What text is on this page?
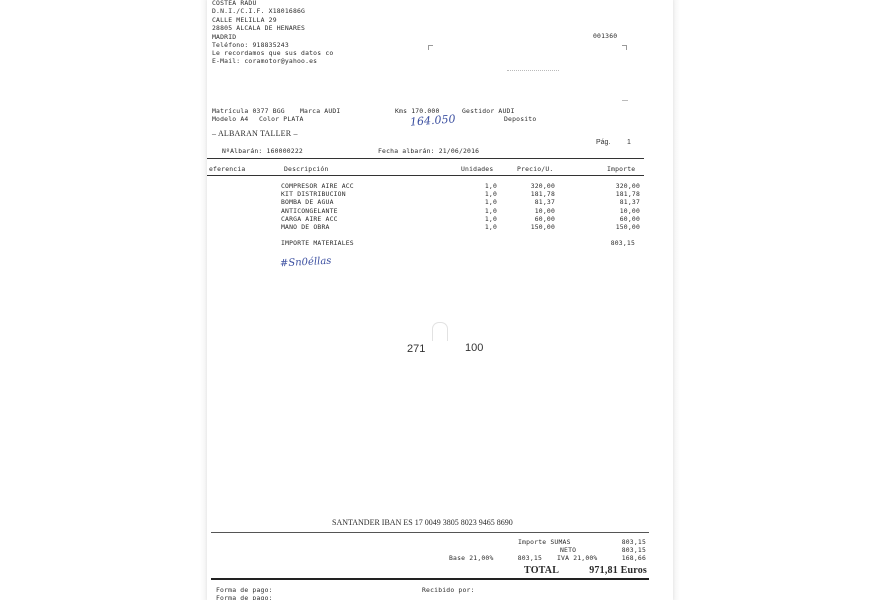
COSTEA RADU
D.N.I./C.I.F. X1801686G
CALLE MELILLA 29
28805 ALCALA DE HENARES
MADRID
Teléfono: 918835243
Le recordamos que sus datos co
E-Mail: coramotor@yahoo.es
001360
Matrícula 0377 BGG Marca AUDI	Kms 170.000	Gestidor AUDI
Modelo A4 Color PLATA	Deposito
164.050
– ALBARAN TALLER –
Pág. 1
NºAlbarán: 160000222	Fecha albarán: 21/06/2016
eferencia	Descripción	Unidades	Precio/U.	Importe
COMPRESOR AIRE ACC	1,0	320,00	320,00
KIT DISTRIBUCION	1,0	181,78	181,78
BOMBA DE AGUA	1,0	81,37	81,37
ANTICONGELANTE	1,0	10,00	10,00
CARGA AIRE ACC	1,0	60,00	60,00
MANO DE OBRA	1,0	150,00	150,00
IMPORTE MATERIALES	803,15
#Sn0éllas
SANTANDER IBAN ES 17 0049 3805 8023 9465 8690
Importe SUMAS	803,15
NETO	803,15
Base 21,00%	803,15 IVA 21,00%	168,66
TOTAL	971,81 Euros
Forma de pago:
Forma de pago:
Recibido por:
271	100
